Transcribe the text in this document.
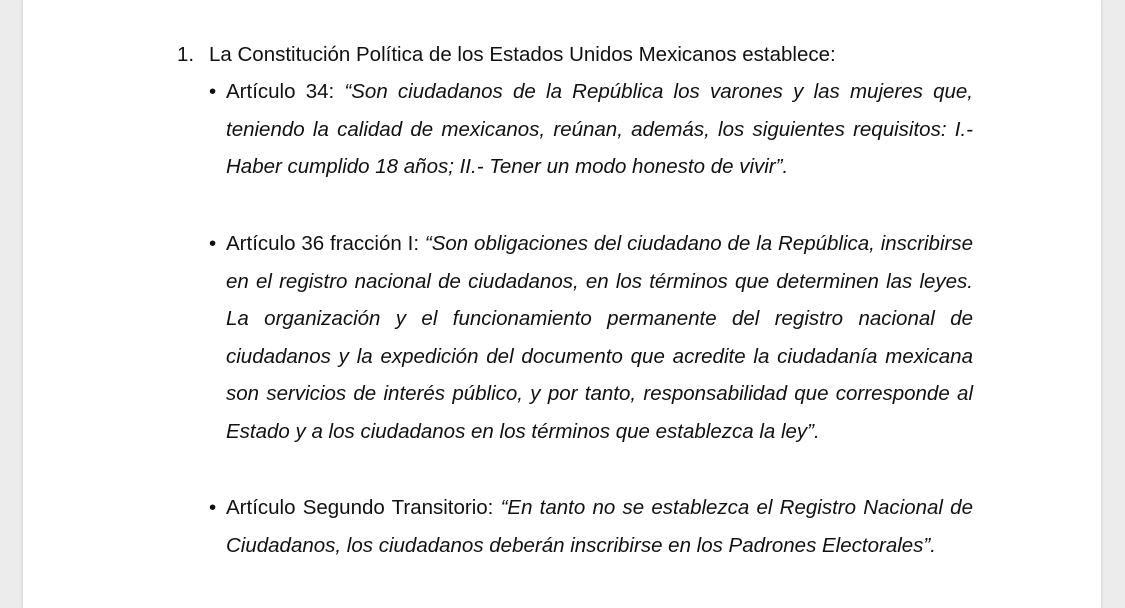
1. La Constitución Política de los Estados Unidos Mexicanos establece:
• Artículo 34: “Son ciudadanos de la República los varones y las mujeres que, teniendo la calidad de mexicanos, reúnan, además, los siguientes requisitos: I.- Haber cumplido 18 años; II.- Tener un modo honesto de vivir”.
• Artículo 36 fracción I: “Son obligaciones del ciudadano de la República, inscribirse en el registro nacional de ciudadanos, en los términos que determinen las leyes. La organización y el funcionamiento permanente del registro nacional de ciudadanos y la expedición del documento que acredite la ciudadanía mexicana son servicios de interés público, y por tanto, responsabilidad que corresponde al Estado y a los ciudadanos en los términos que establezca la ley”.
• Artículo Segundo Transitorio: “En tanto no se establezca el Registro Nacional de Ciudadanos, los ciudadanos deberán inscribirse en los Padrones Electorales”.
